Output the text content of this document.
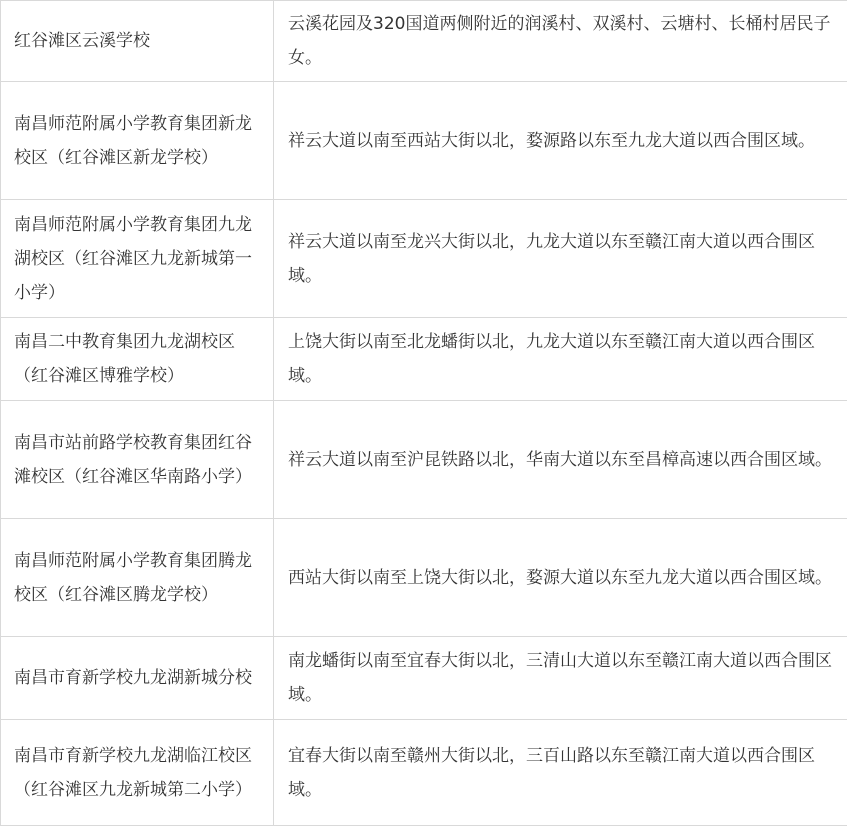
红谷滩区云溪学校	云溪花园及320国道两侧附近的润溪村、双溪村、云塘村、长桶村居民子女。
南昌师范附属小学教育集团新龙校区（红谷滩区新龙学校）	祥云大道以南至西站大街以北，婺源路以东至九龙大道以西合围区域。
南昌师范附属小学教育集团九龙湖校区（红谷滩区九龙新城第一小学）	祥云大道以南至龙兴大街以北，九龙大道以东至赣江南大道以西合围区域。
南昌二中教育集团九龙湖校区（红谷滩区博雅学校）	上饶大街以南至北龙蟠街以北，九龙大道以东至赣江南大道以西合围区域。
南昌市站前路学校教育集团红谷滩校区（红谷滩区华南路小学）	祥云大道以南至沪昆铁路以北，华南大道以东至昌樟高速以西合围区域。
南昌师范附属小学教育集团腾龙校区（红谷滩区腾龙学校）	西站大街以南至上饶大街以北，婺源大道以东至九龙大道以西合围区域。
南昌市育新学校九龙湖新城分校	南龙蟠街以南至宜春大街以北，三清山大道以东至赣江南大道以西合围区域。
南昌市育新学校九龙湖临江校区（红谷滩区九龙新城第二小学）	宜春大街以南至赣州大街以北，三百山路以东至赣江南大道以西合围区域。
